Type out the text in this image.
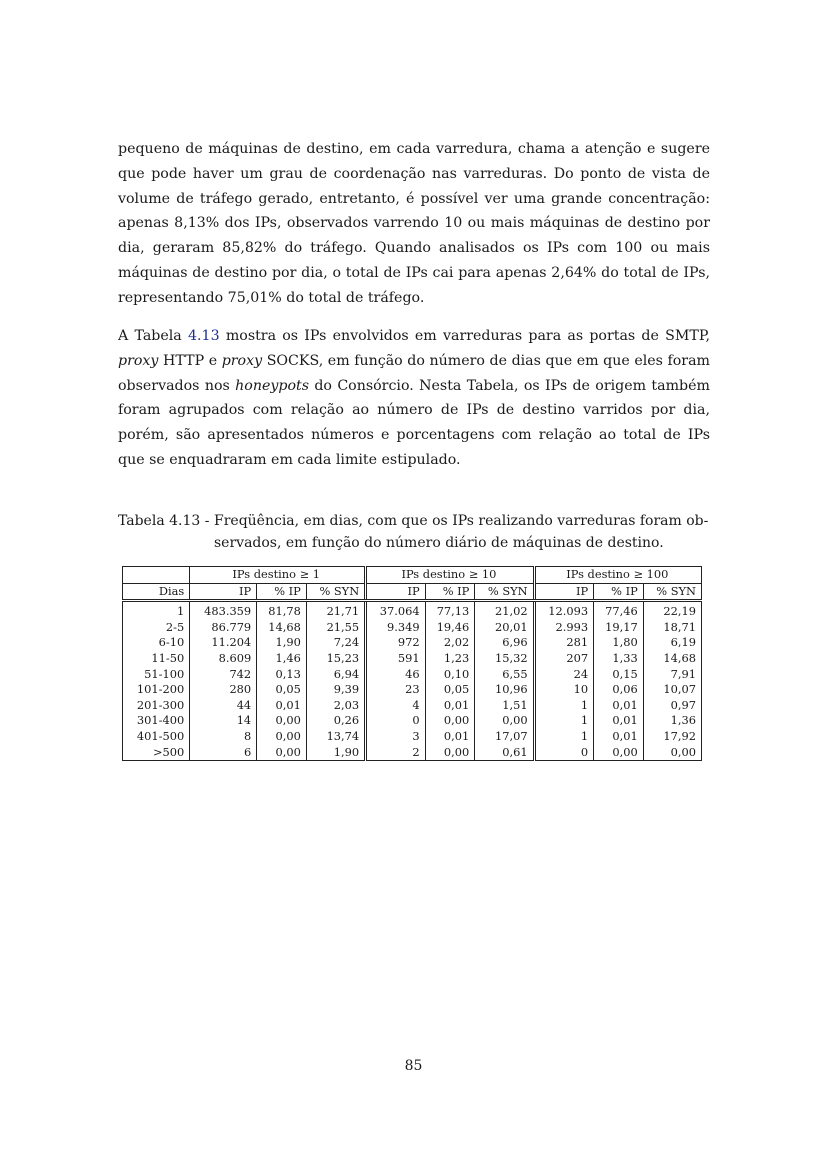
pequeno de máquinas de destino, em cada varredura, chama a atenção e sugere que pode haver um grau de coordenação nas varreduras. Do ponto de vista de volume de tráfego gerado, entretanto, é possível ver uma grande concentração: apenas 8,13% dos IPs, observados varrendo 10 ou mais máquinas de destino por dia, geraram 85,82% do tráfego. Quando analisados os IPs com 100 ou mais máquinas de destino por dia, o total de IPs cai para apenas 2,64% do total de IPs, representando 75,01% do total de tráfego.

A Tabela 4.13 mostra os IPs envolvidos em varreduras para as portas de SMTP, proxy HTTP e proxy SOCKS, em função do número de dias que em que eles foram observados nos honeypots do Consórcio. Nesta Tabela, os IPs de origem também foram agrupados com relação ao número de IPs de destino varridos por dia, porém, são apresentados números e porcentagens com relação ao total de IPs que se enquadraram em cada limite estipulado.

Tabela 4.13 - Freqüência, em dias, com que os IPs realizando varreduras foram ob-
servados, em função do número diário de máquinas de destino.
	IPs destino ≥ 1			IPs destino ≥ 10			IPs destino ≥ 100		
Dias	IP	% IP	% SYN	IP	% IP	% SYN	IP	% IP	% SYN
1	483.359	81,78	21,71	37.064	77,13	21,02	12.093	77,46	22,19
2-5	86.779	14,68	21,55	9.349	19,46	20,01	2.993	19,17	18,71
6-10	11.204	1,90	7,24	972	2,02	6,96	281	1,80	6,19
11-50	8.609	1,46	15,23	591	1,23	15,32	207	1,33	14,68
51-100	742	0,13	6,94	46	0,10	6,55	24	0,15	7,91
101-200	280	0,05	9,39	23	0,05	10,96	10	0,06	10,07
201-300	44	0,01	2,03	4	0,01	1,51	1	0,01	0,97
301-400	14	0,00	0,26	0	0,00	0,00	1	0,01	1,36
401-500	8	0,00	13,74	3	0,01	17,07	1	0,01	17,92
>500	6	0,00	1,90	2	0,00	0,61	0	0,00	0,00
85
